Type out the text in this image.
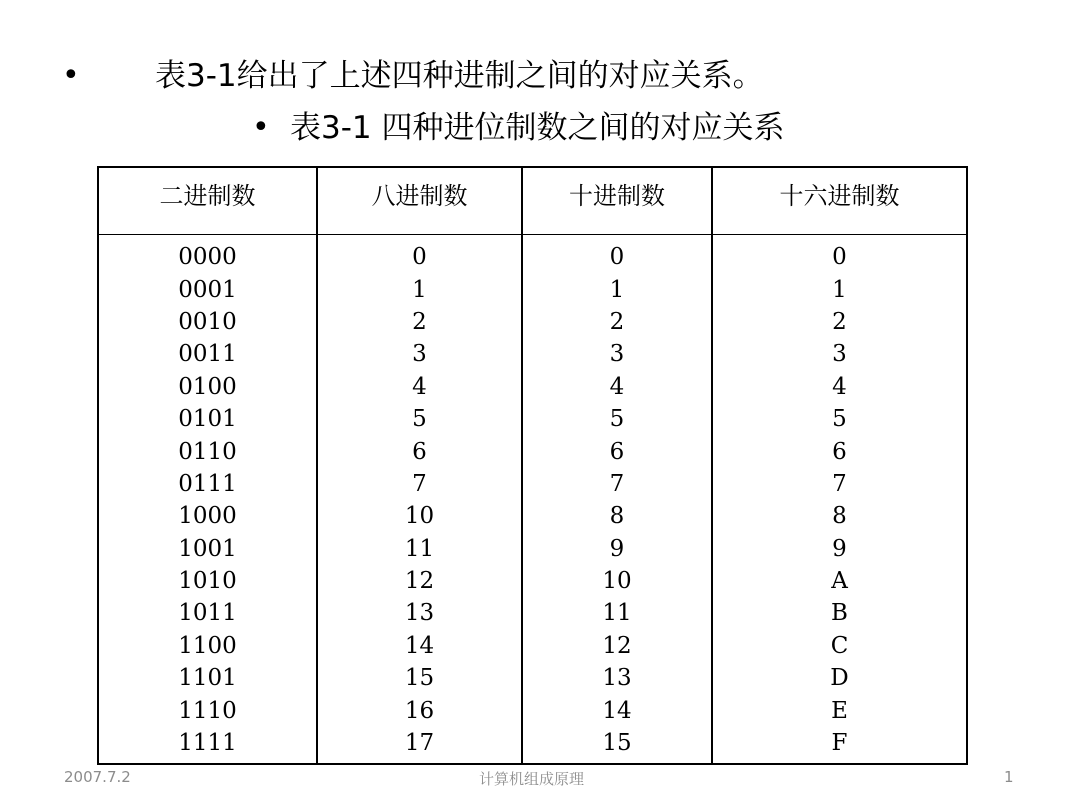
• 表3-1给出了上述四种进制之间的对应关系。
• 表3-1 四种进位制数之间的对应关系
二进制数	八进制数	十进制数	十六进制数
0000	0	0	0
0001	1	1	1
0010	2	2	2
0011	3	3	3
0100	4	4	4
0101	5	5	5
0110	6	6	6
0111	7	7	7
1000	10	8	8
1001	11	9	9
1010	12	10	A
1011	13	11	B
1100	14	12	C
1101	15	13	D
1110	16	14	E
1111	17	15	F
2007.7.2	计算机组成原理	1
